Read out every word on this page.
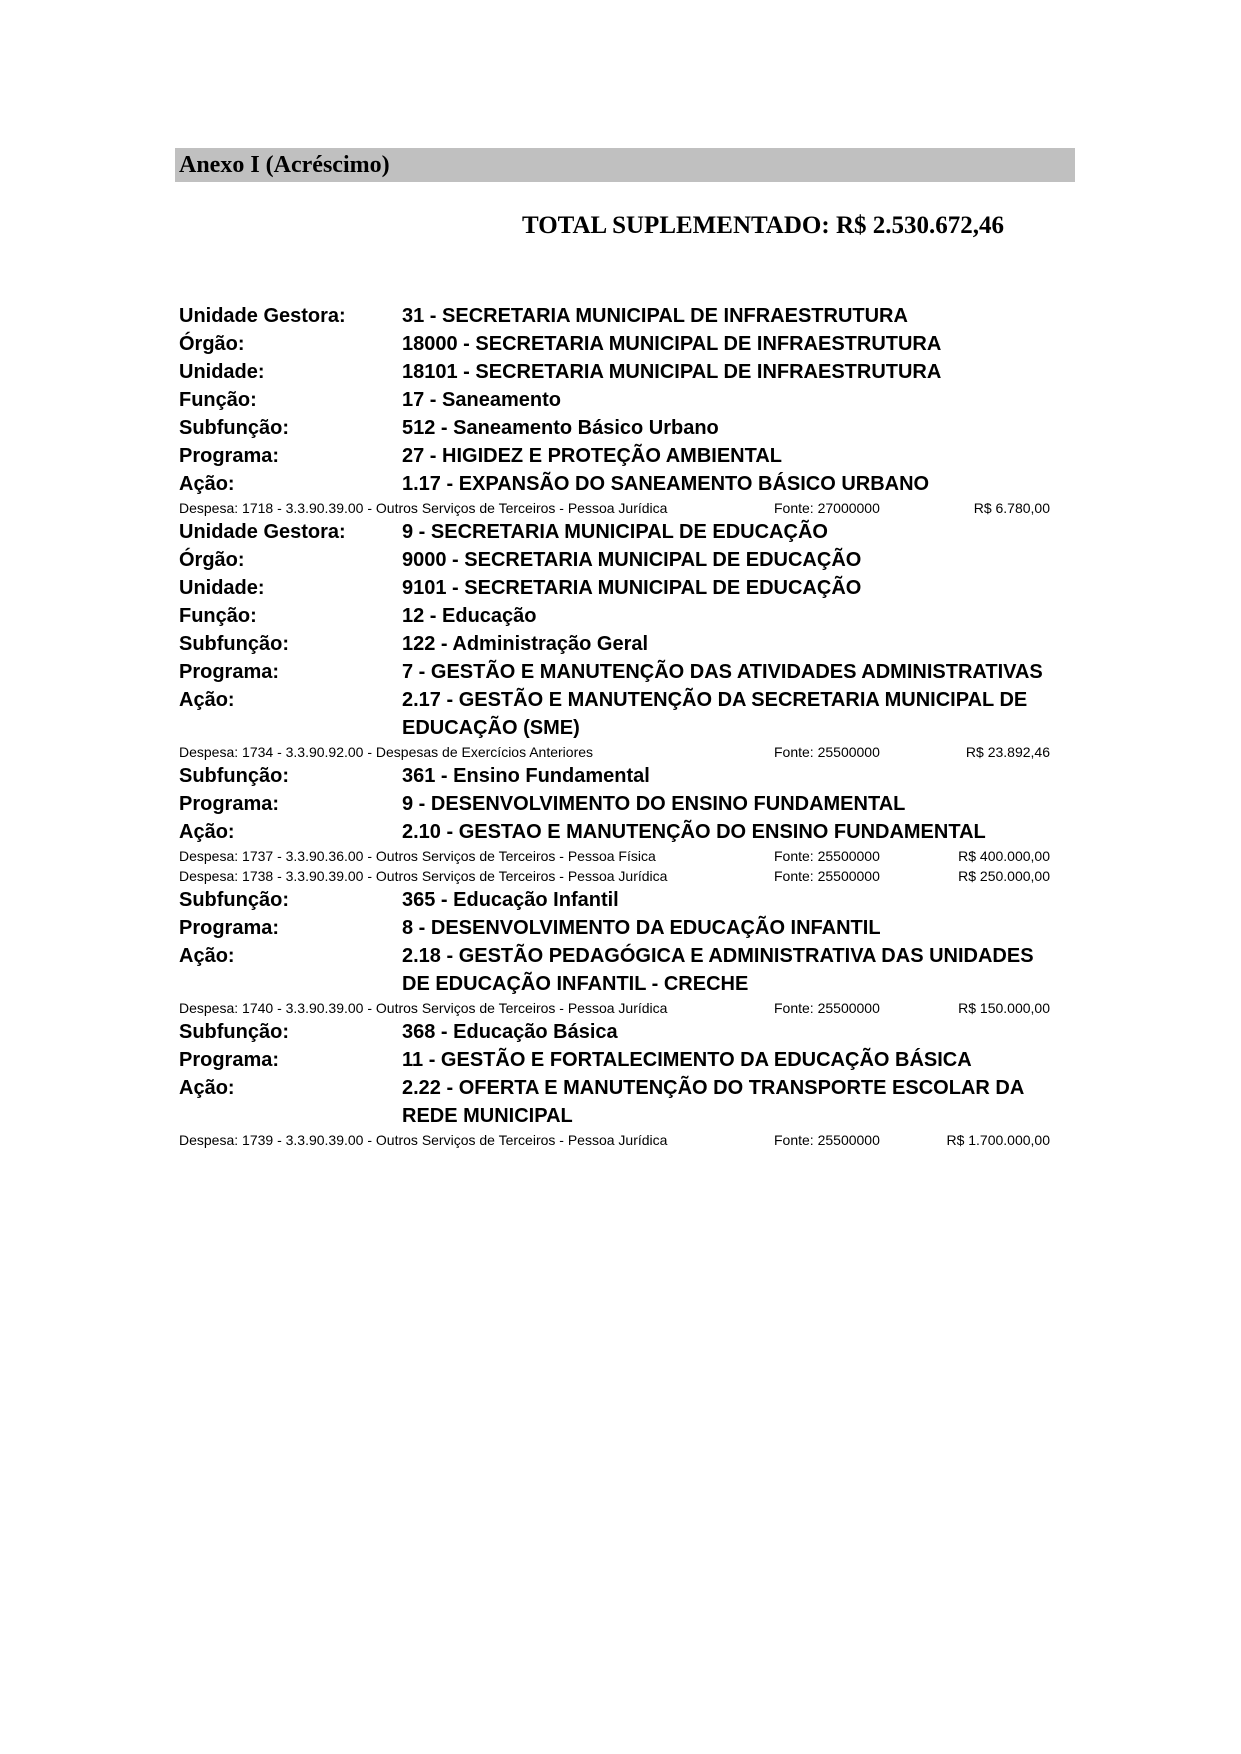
Anexo I (Acréscimo)
TOTAL SUPLEMENTADO: R$ 2.530.672,46
Unidade Gestora:	31 - SECRETARIA MUNICIPAL DE INFRAESTRUTURA
Órgão:	18000 - SECRETARIA MUNICIPAL DE INFRAESTRUTURA
Unidade:	18101 - SECRETARIA MUNICIPAL DE INFRAESTRUTURA
Função:	17 - Saneamento
Subfunção:	512 - Saneamento Básico Urbano
Programa:	27 - HIGIDEZ E PROTEÇÃO AMBIENTAL
Ação:	1.17 - EXPANSÃO DO SANEAMENTO BÁSICO URBANO
Despesa: 1718 - 3.3.90.39.00 - Outros Serviços de Terceiros - Pessoa Jurídica	Fonte: 27000000	R$ 6.780,00
Unidade Gestora:	9 - SECRETARIA MUNICIPAL DE EDUCAÇÃO
Órgão:	9000 - SECRETARIA MUNICIPAL DE EDUCAÇÃO
Unidade:	9101 - SECRETARIA MUNICIPAL DE EDUCAÇÃO
Função:	12 - Educação
Subfunção:	122 - Administração Geral
Programa:	7 - GESTÃO E MANUTENÇÃO DAS ATIVIDADES ADMINISTRATIVAS
Ação:	2.17 - GESTÃO E MANUTENÇÃO DA SECRETARIA MUNICIPAL DE EDUCAÇÃO (SME)
Despesa: 1734 - 3.3.90.92.00 - Despesas de Exercícios Anteriores	Fonte: 25500000	R$ 23.892,46
Subfunção:	361 - Ensino Fundamental
Programa:	9 - DESENVOLVIMENTO DO ENSINO FUNDAMENTAL
Ação:	2.10 - GESTAO E MANUTENÇÃO DO ENSINO FUNDAMENTAL
Despesa: 1737 - 3.3.90.36.00 - Outros Serviços de Terceiros - Pessoa Física	Fonte: 25500000	R$ 400.000,00
Despesa: 1738 - 3.3.90.39.00 - Outros Serviços de Terceiros - Pessoa Jurídica	Fonte: 25500000	R$ 250.000,00
Subfunção:	365 - Educação Infantil
Programa:	8 - DESENVOLVIMENTO DA EDUCAÇÃO INFANTIL
Ação:	2.18 - GESTÃO PEDAGÓGICA E ADMINISTRATIVA DAS UNIDADES DE EDUCAÇÃO INFANTIL - CRECHE
Despesa: 1740 - 3.3.90.39.00 - Outros Serviços de Terceiros - Pessoa Jurídica	Fonte: 25500000	R$ 150.000,00
Subfunção:	368 - Educação Básica
Programa:	11 - GESTÃO E FORTALECIMENTO DA EDUCAÇÃO BÁSICA
Ação:	2.22 - OFERTA E MANUTENÇÃO DO TRANSPORTE ESCOLAR DA REDE MUNICIPAL
Despesa: 1739 - 3.3.90.39.00 - Outros Serviços de Terceiros - Pessoa Jurídica	Fonte: 25500000	R$ 1.700.000,00
